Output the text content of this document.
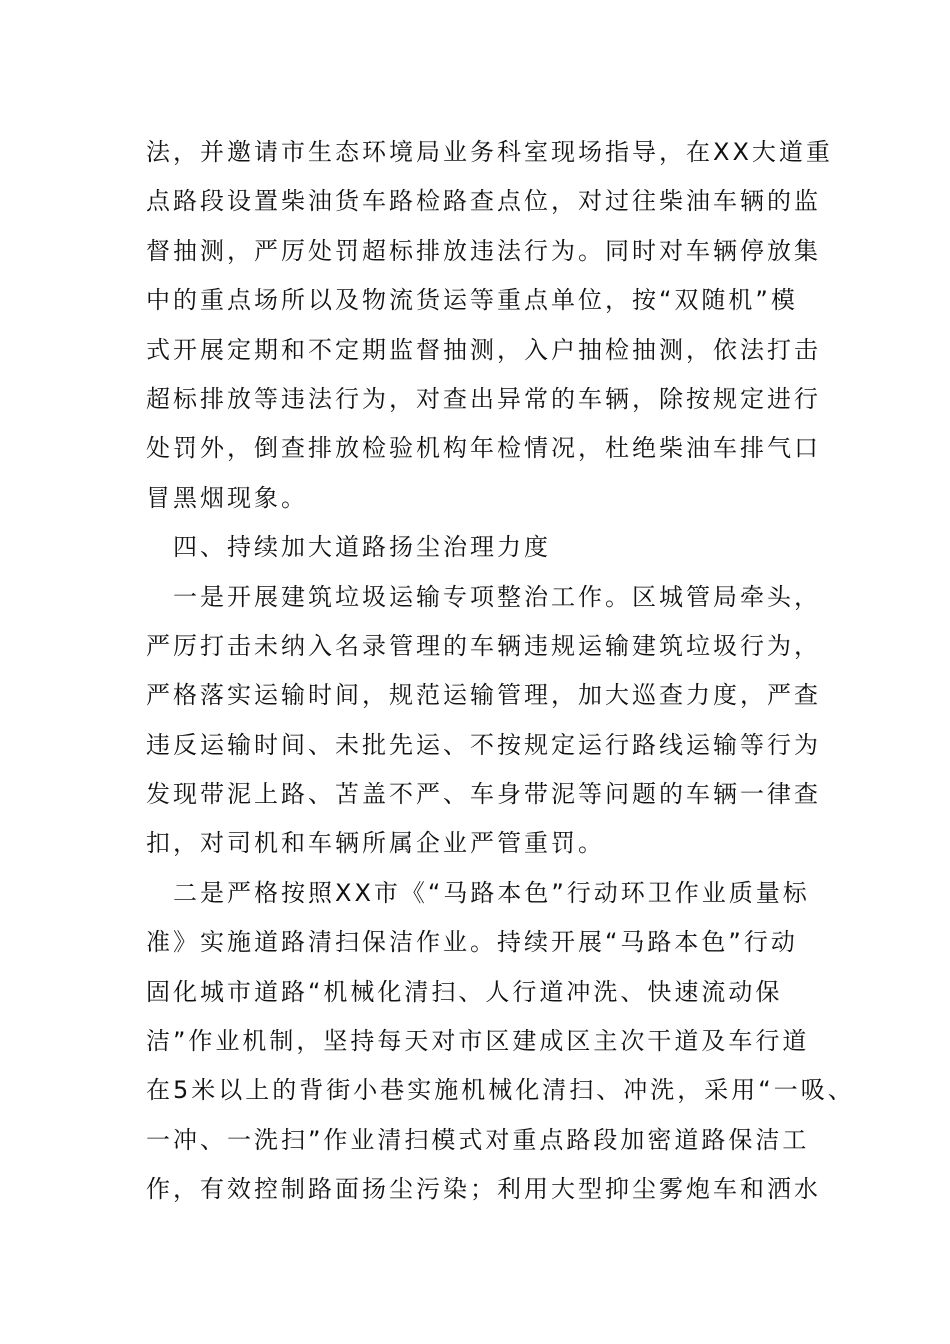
法，并邀请市生态环境局业务科室现场指导，在XX大道重
点路段设置柴油货车路检路查点位，对过往柴油车辆的监
督抽测，严厉处罚超标排放违法行为。同时对车辆停放集
中的重点场所以及物流货运等重点单位，按“双随机”模
式开展定期和不定期监督抽测，入户抽检抽测，依法打击
超标排放等违法行为，对查出异常的车辆，除按规定进行
处罚外，倒查排放检验机构年检情况，杜绝柴油车排气口
冒黑烟现象。
　四、持续加大道路扬尘治理力度
　一是开展建筑垃圾运输专项整治工作。区城管局牵头，
严厉打击未纳入名录管理的车辆违规运输建筑垃圾行为，
严格落实运输时间，规范运输管理，加大巡查力度，严查
违反运输时间、未批先运、不按规定运行路线运输等行为
发现带泥上路、苫盖不严、车身带泥等问题的车辆一律查
扣，对司机和车辆所属企业严管重罚。
　二是严格按照XX市《“马路本色”行动环卫作业质量标
准》实施道路清扫保洁作业。持续开展“马路本色”行动
固化城市道路“机械化清扫、人行道冲洗、快速流动保
洁”作业机制，坚持每天对市区建成区主次干道及车行道
在5米以上的背街小巷实施机械化清扫、冲洗，采用“一吸、
一冲、一洗扫”作业清扫模式对重点路段加密道路保洁工
作，有效控制路面扬尘污染；利用大型抑尘雾炮车和洒水
